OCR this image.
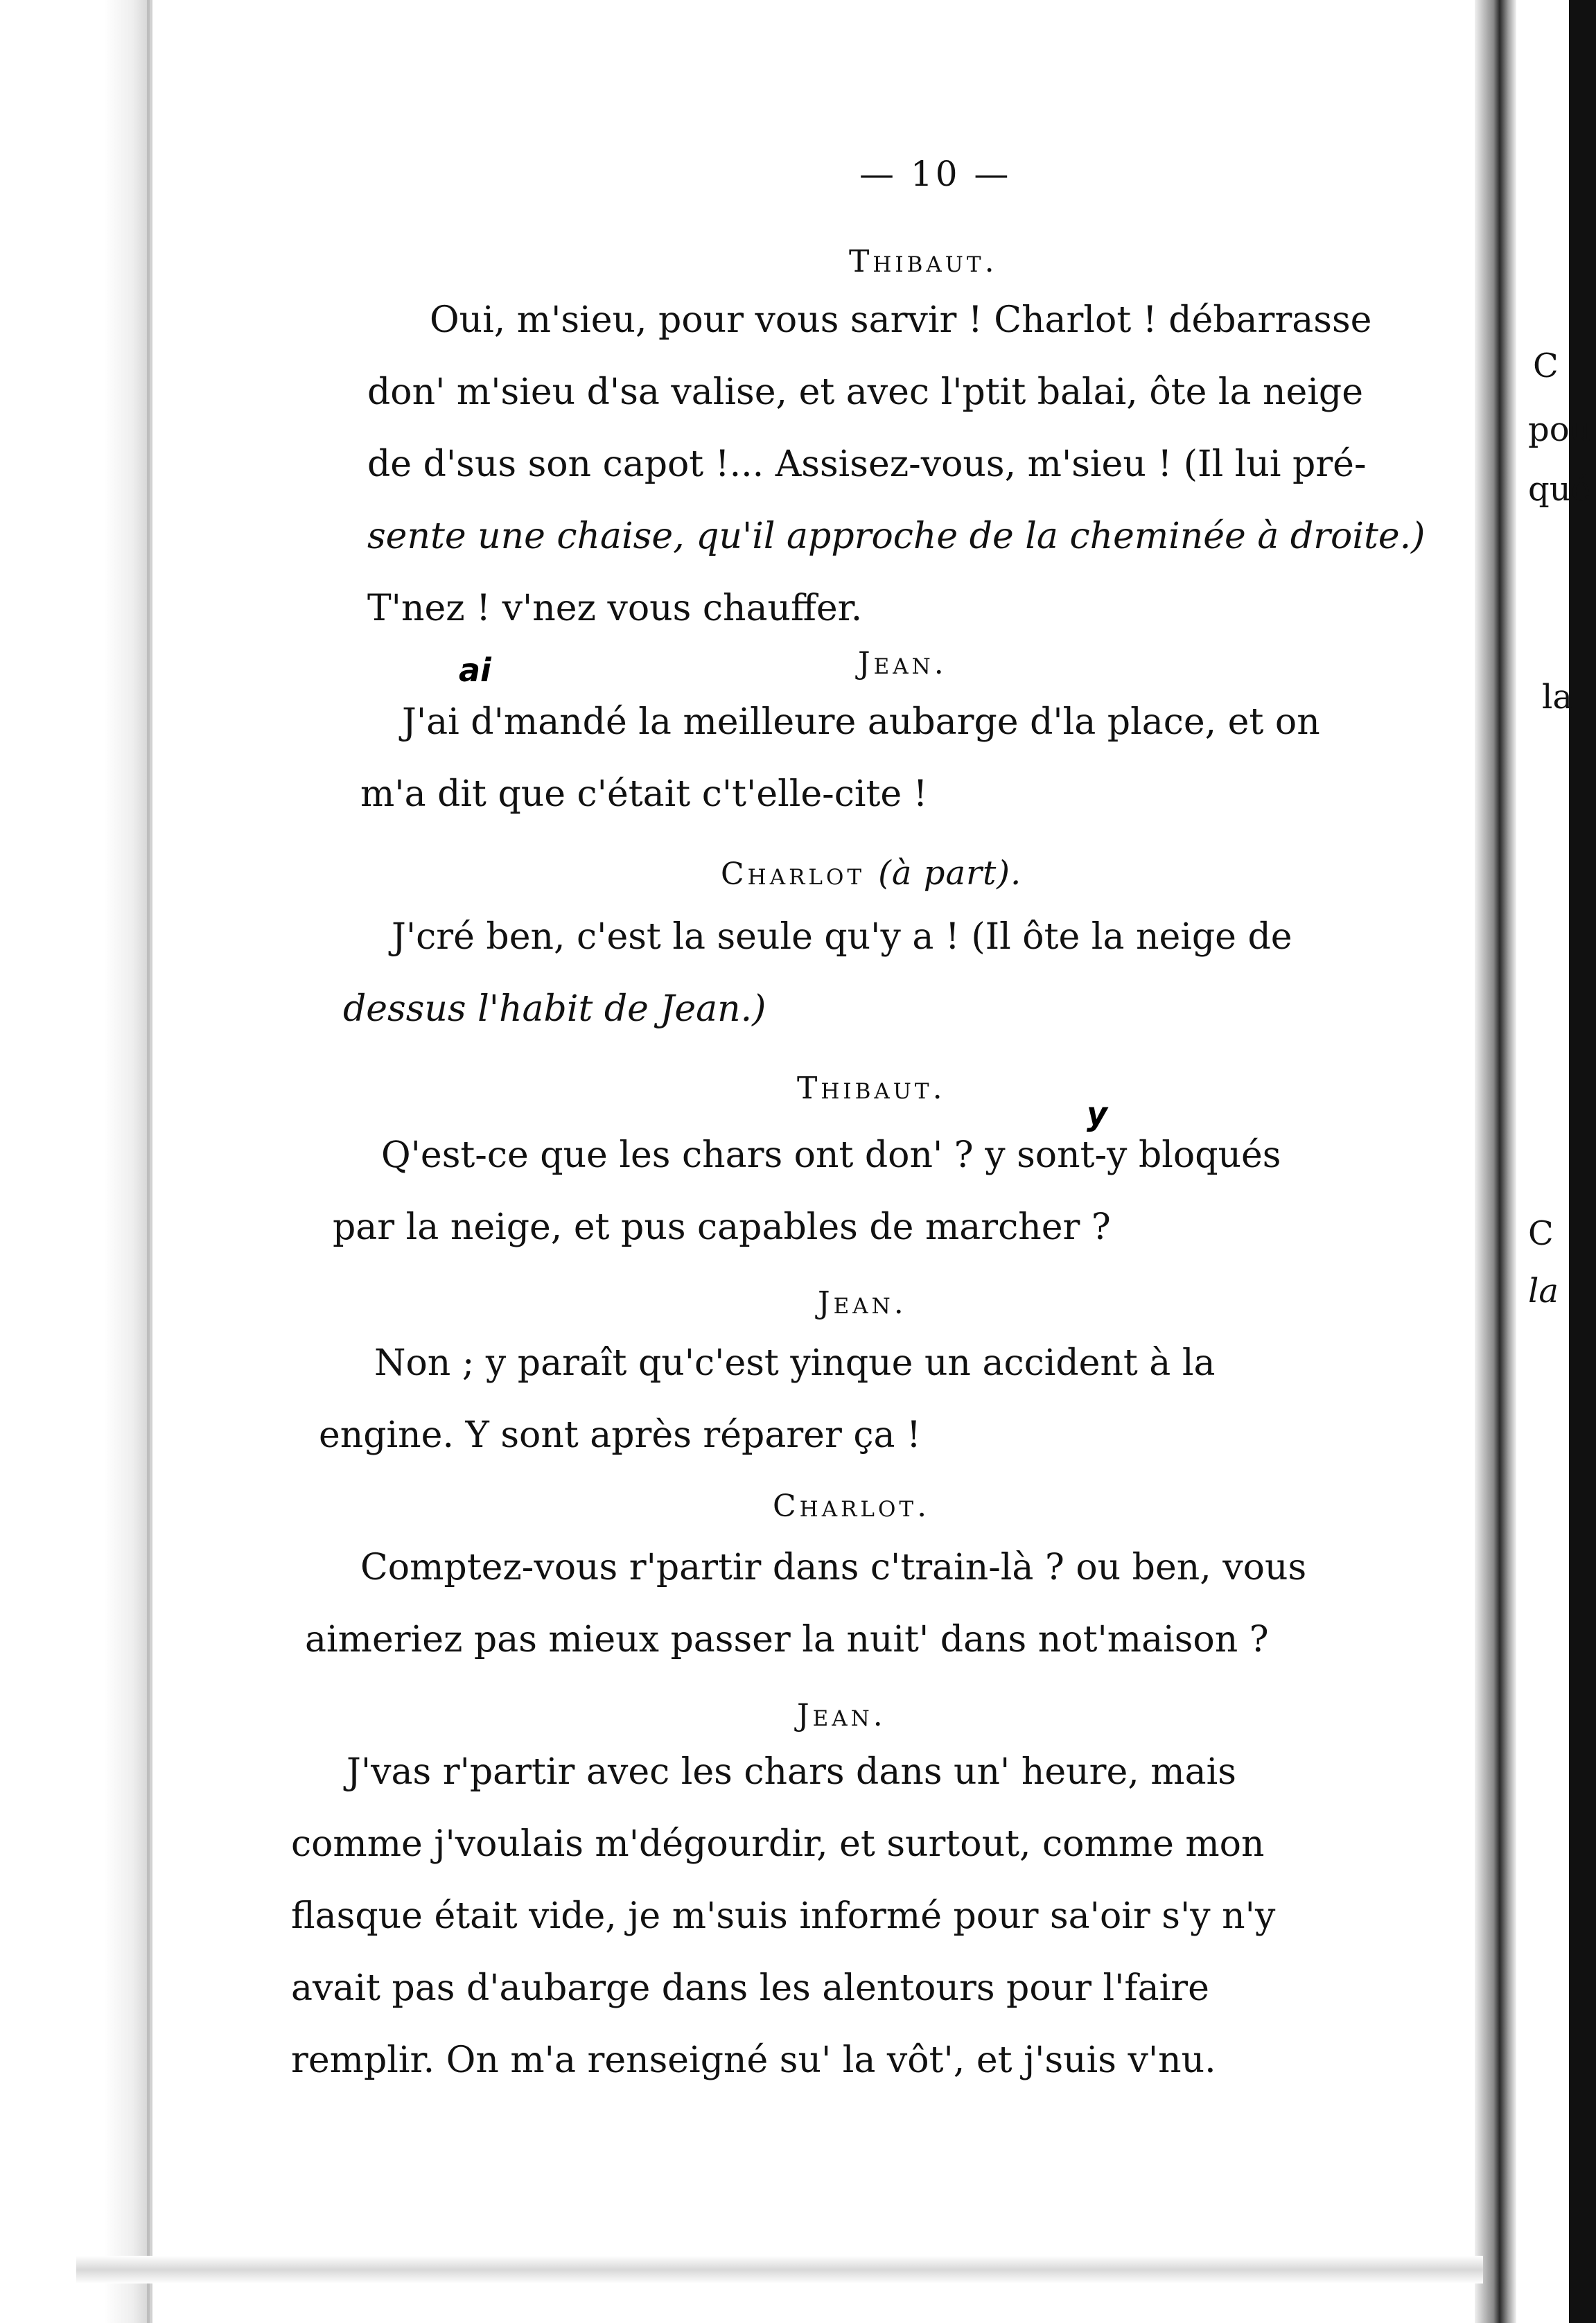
— 10 —
Thibaut.
Oui, m'sieu, pour vous sarvir ! Charlot ! débarrasse
don' m'sieu d'sa valise, et avec l'ptit balai, ôte la neige
de d'sus son capot !... Assisez-vous, m'sieu ! (Il lui pré-
sente une chaise, qu'il approche de la cheminée à droite.)
T'nez ! v'nez vous chauffer.
Jean.
ai
J'ai d'mandé la meilleure aubarge d'la place, et on
m'a dit que c'était c't'elle-cite !
Charlot (à part).
J'cré ben, c'est la seule qu'y a ! (Il ôte la neige de
dessus l'habit de Jean.)
Thibaut.
y
Q'est-ce que les chars ont don' ? y sont-y bloqués
par la neige, et pus capables de marcher ?
Jean.
Non ; y paraît qu'c'est yinque un accident à la
engine. Y sont après réparer ça !
Charlot.
Comptez-vous r'partir dans c'train-là ? ou ben, vous
aimeriez pas mieux passer la nuit' dans not'maison ?
Jean.
J'vas r'partir avec les chars dans un' heure, mais
comme j'voulais m'dégourdir, et surtout, comme mon
flasque était vide, je m'suis informé pour sa'oir s'y n'y
avait pas d'aubarge dans les alentours pour l'faire
remplir. On m'a renseigné su' la vôt', et j'suis v'nu.
C
pou
qué
la
C
la
